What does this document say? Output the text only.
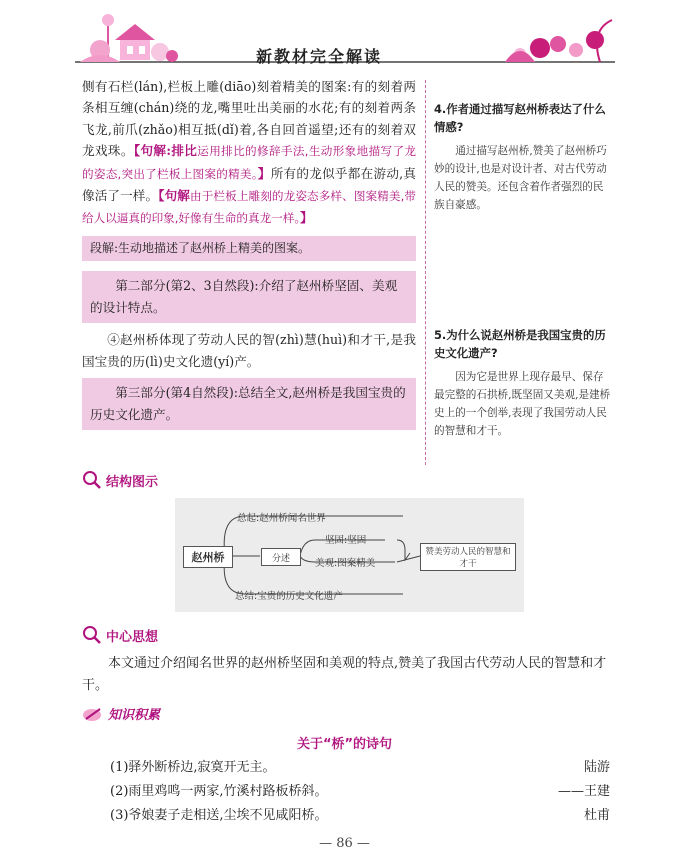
新教材完全解读

侧有石栏(lán),栏板上雕(diāo)刻着精美的图案:有的刻着两条相互缠(chán)绕的龙,嘴里吐出美丽的水花;有的刻着两条飞龙,前爪(zhǎo)相互抵(dǐ)着,各自回首遥望;还有的刻着双龙戏珠。【句解:排比运用排比的修辞手法,生动形象地描写了龙的姿态,突出了栏板上图案的精美。】所有的龙似乎都在游动,真像活了一样。【句解由于栏板上雕刻的龙姿态多样、图案精美,带给人以逼真的印象,好像有生命的真龙一样。】

段解:生动地描述了赵州桥上精美的图案。
第二部分(第2、3自然段):介绍了赵州桥坚固、美观的设计特点。

④赵州桥体现了劳动人民的智(zhì)慧(huì)和才干,是我国宝贵的历(lì)史文化遗(yí)产。

第三部分(第4自然段):总结全文,赵州桥是我国宝贵的历史文化遗产。
4.作者通过描写赵州桥表达了什么情感?
通过描写赵州桥,赞美了赵州桥巧妙的设计,也是对设计者、对古代劳动人民的赞美。还包含着作者强烈的民族自豪感。
5.为什么说赵州桥是我国宝贵的历史文化遗产?
因为它是世界上现存最早、保存最完整的石拱桥,既坚固又美观,是建桥史上的一个创举,表现了我国劳动人民的智慧和才干。
结构图示
赵州桥
总起:赵州桥闻名世界
分述
坚固:坚固
美观:图案精美
总结:宝贵的历史文化遗产
赞美劳动人民的智慧和才干
中心思想
本文通过介绍闻名世界的赵州桥坚固和美观的特点,赞美了我国古代劳动人民的智慧和才干。
知识积累
关于“桥”的诗句
(1)驿外断桥边,寂寞开无主。	陆游
(2)雨里鸡鸣一两家,竹溪村路板桥斜。	——王建
(3)爷娘妻子走相送,尘埃不见咸阳桥。	杜甫
— 86 —
